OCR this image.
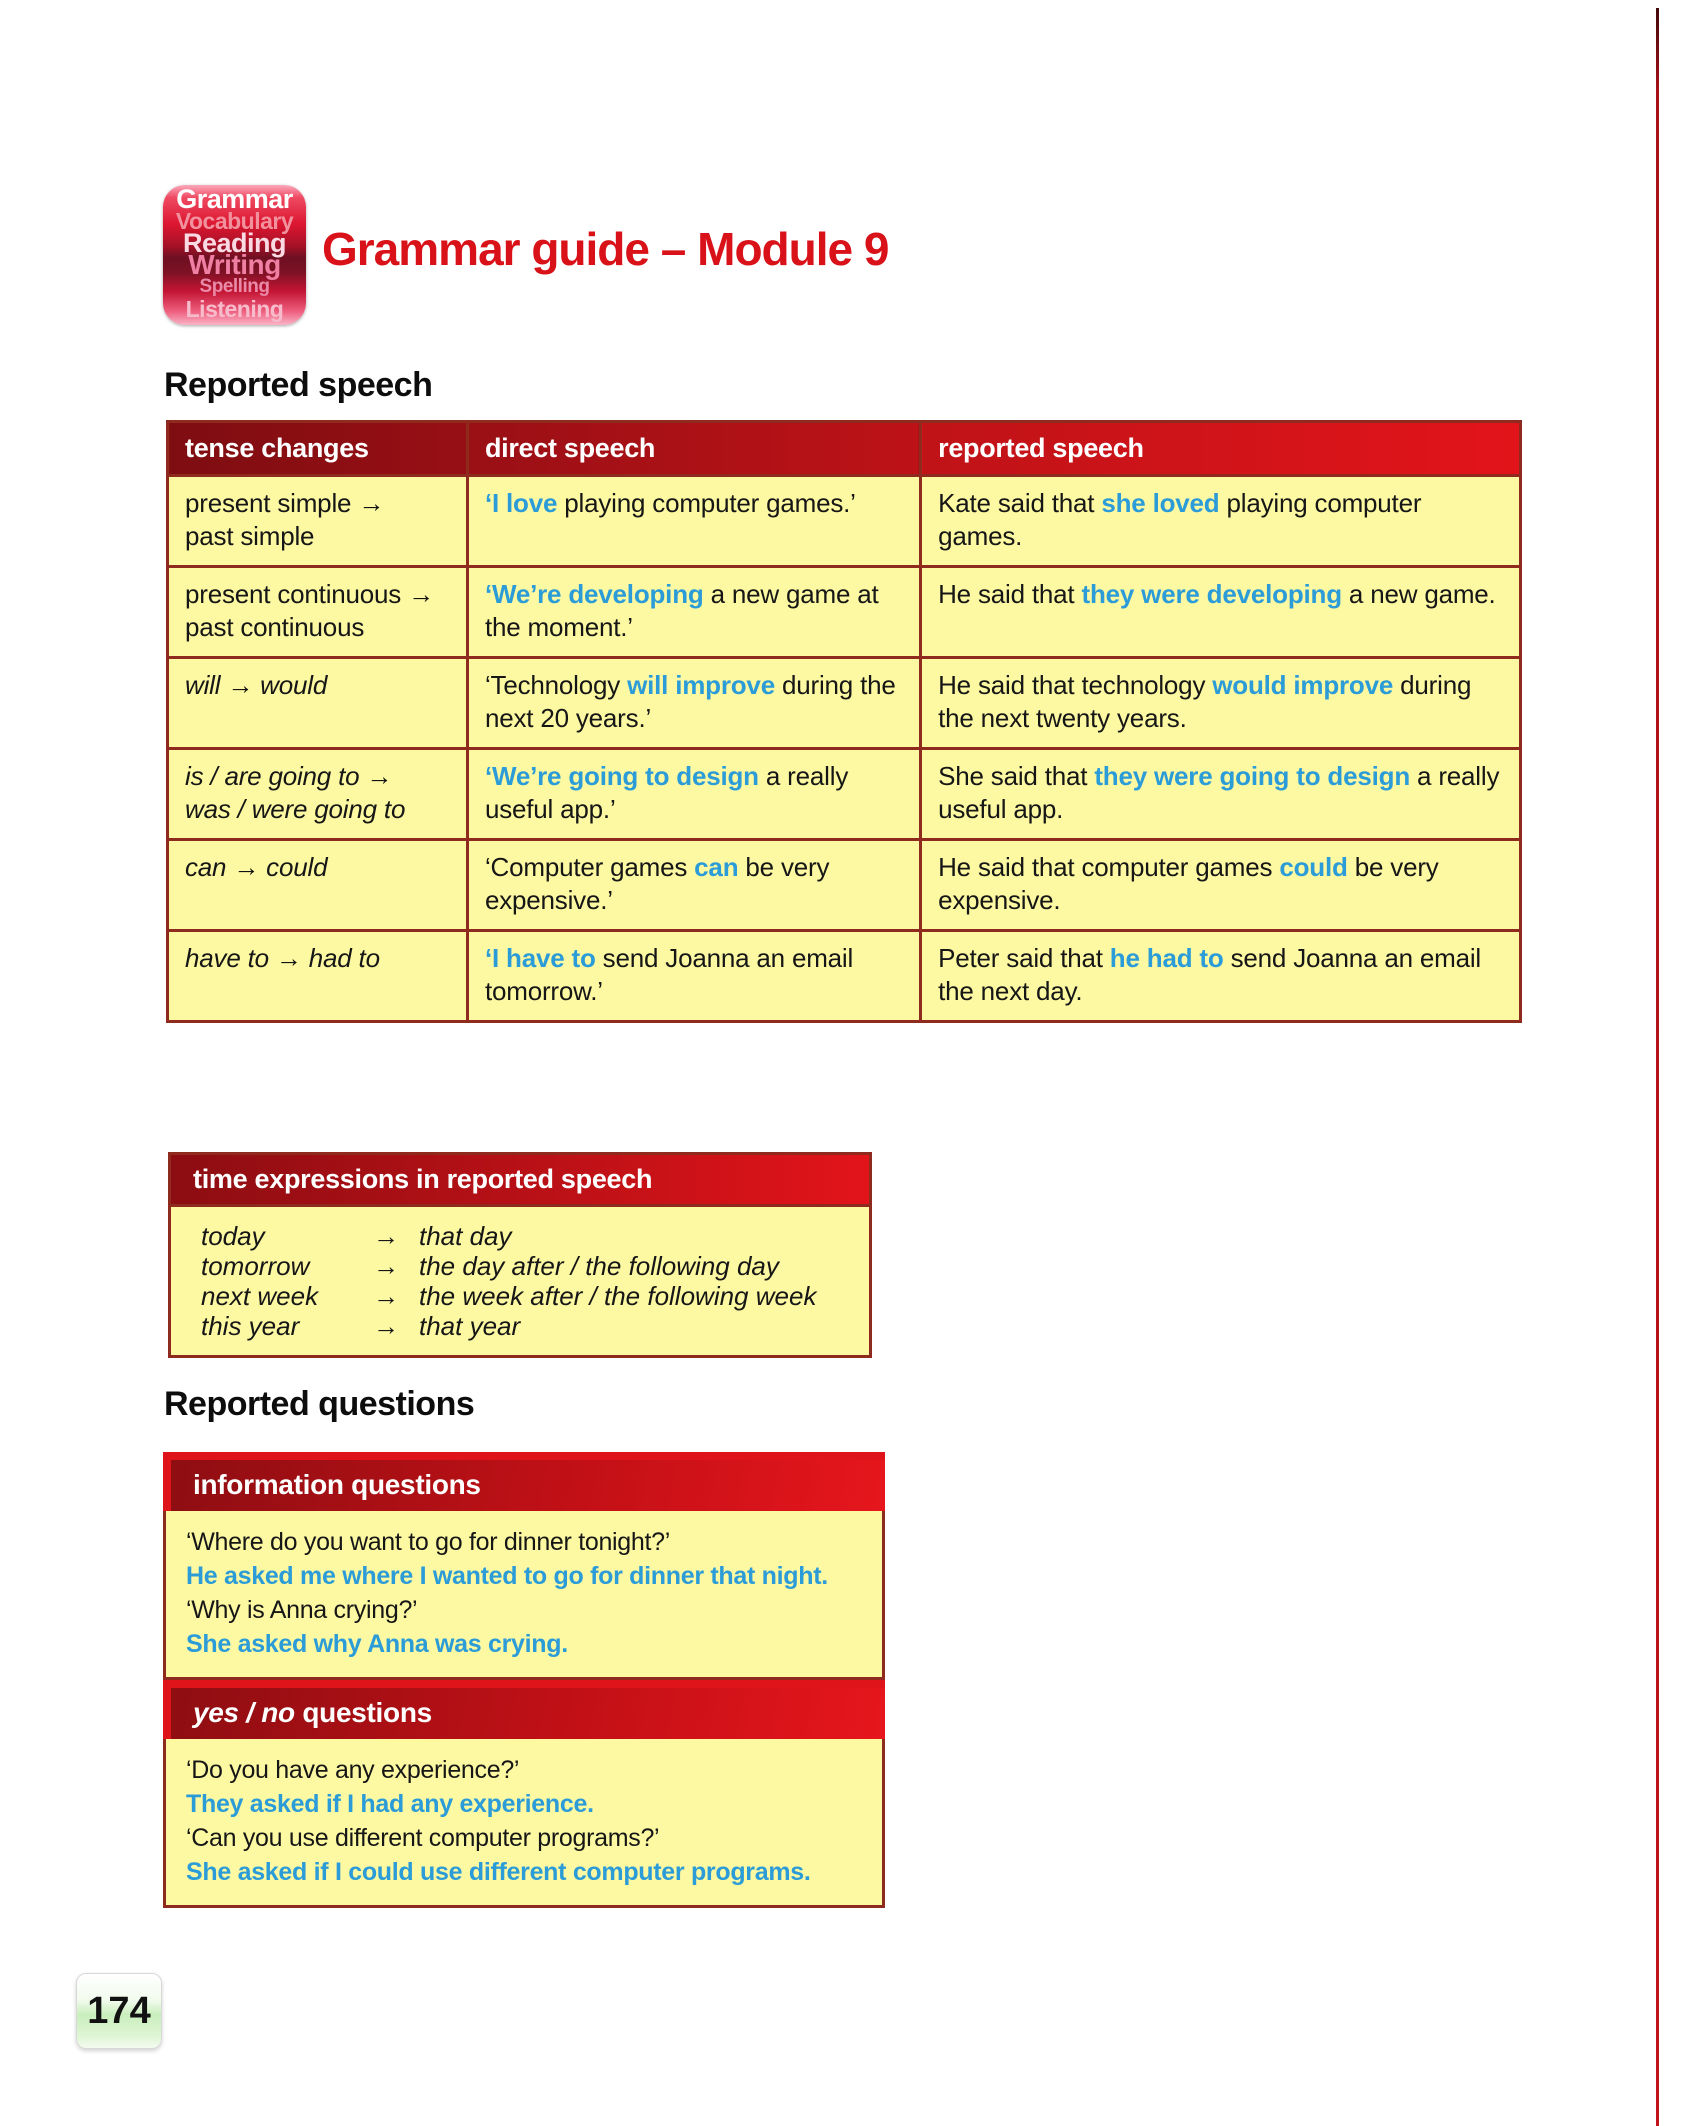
Grammar
Vocabulary
Reading
Writing
Spelling
Listening
Grammar guide – Module 9
Reported speech
tense changes	direct speech	reported speech
present simple →
past simple	‘I love playing computer games.’	Kate said that she loved playing computer games.
present continuous →
past continuous	‘We’re developing a new game at the moment.’	He said that they were developing a new game.
will → would	‘Technology will improve during the next 20 years.’	He said that technology would improve during the next twenty years.
is / are going to →
was / were going to	‘We’re going to design a really useful app.’	She said that they were going to design a really useful app.
can → could	‘Computer games can be very expensive.’	He said that computer games could be very expensive.
have to → had to	‘I have to send Joanna an email tomorrow.’	Peter said that he had to send Joanna an email the next day.
time expressions in reported speech
today	→ that day
tomorrow	→ the day after / the following day
next week	→ the week after / the following week
this year	→ that year
Reported questions
information questions
‘Where do you want to go for dinner tonight?’
He asked me where I wanted to go for dinner that night.
‘Why is Anna crying?’
She asked why Anna was crying.
yes / no questions
‘Do you have any experience?’
They asked if I had any experience.
‘Can you use different computer programs?’
She asked if I could use different computer programs.
174
